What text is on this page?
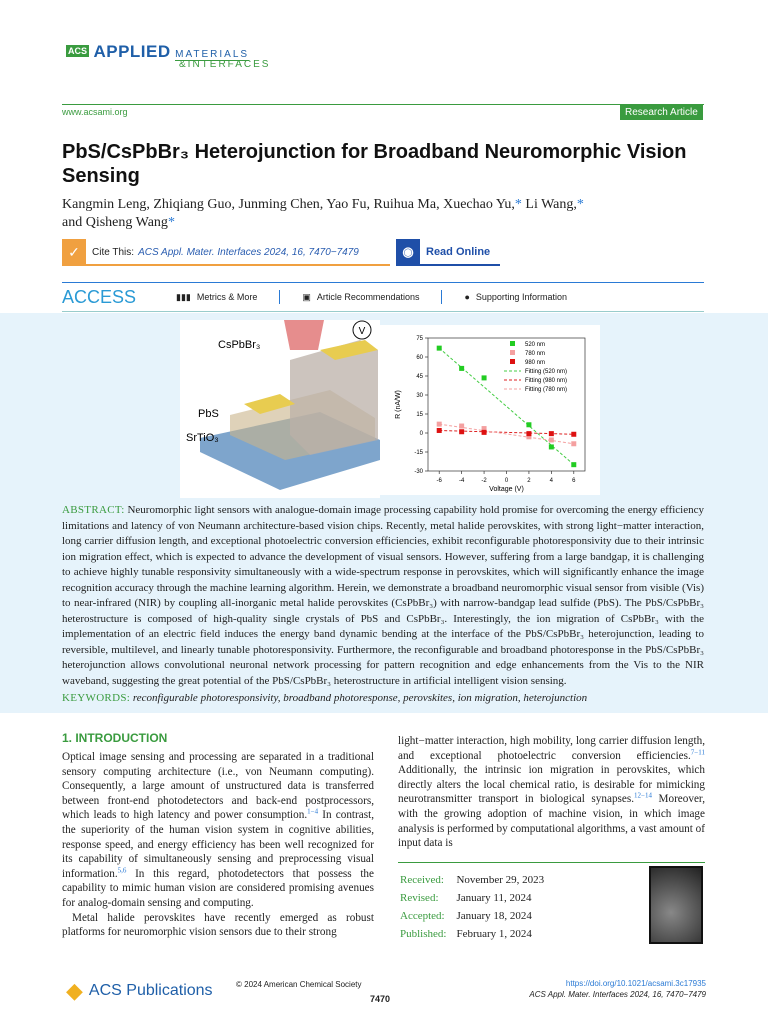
ACS APPLIED MATERIALS
&INTERFACES
www.acsami.org	Research Article
PbS/CsPbBr₃ Heterojunction for Broadband Neuromorphic Vision Sensing
Kangmin Leng, Zhiqiang Guo, Junming Chen, Yao Fu, Ruihua Ma, Xuechao Yu,* Li Wang,*
and Qisheng Wang*
✓	Cite This: ACS Appl. Mater. Interfaces 2024, 16, 7470−7479	◉	Read Online
ACCESS	▮▮▮ Metrics & More	▣ Article Recommendations	● Supporting Information
V
CsPbBr₃
PbS
SrTiO₃
-6	-4	-2	0	2	4	6
-30
-15
0
15
30
45
60
75
Voltage (V)
R (nA/W)
520 nm
780 nm
980 nm
Fitting (520 nm)
Fitting (980 nm)
Fitting (780 nm)

ABSTRACT: Neuromorphic light sensors with analogue-domain image processing capability hold promise for overcoming the energy efficiency limitations and latency of von Neumann architecture-based vision chips. Recently, metal halide perovskites, with strong light−matter interaction, long carrier diffusion length, and exceptional photoelectric conversion efficiencies, exhibit reconfigurable photoresponsivity due to their intrinsic ion migration effect, which is expected to advance the development of visual sensors. However, suffering from a large bandgap, it is challenging to achieve highly tunable responsivity simultaneously with a wide-spectrum response in perovskites, which will significantly enhance the image recognition accuracy through the machine learning algorithm. Herein, we demonstrate a broadband neuromorphic visual sensor from visible (Vis) to near-infrared (NIR) by coupling all-inorganic metal halide perovskites (CsPbBr₃) with narrow-bandgap lead sulfide (PbS). The PbS/CsPbBr₃ heterostructure is composed of high-quality single crystals of PbS and CsPbBr₃. Interestingly, the ion migration of CsPbBr₃ with the implementation of an electric field induces the energy band dynamic bending at the interface of the PbS/CsPbBr₃ heterojunction, leading to reversible, multilevel, and linearly tunable photoresponsivity. Furthermore, the reconfigurable and broadband photoresponse in the PbS/CsPbBr₃ heterojunction allows convolutional neuronal network processing for pattern recognition and edge enhancements from the Vis to the NIR waveband, suggesting the great potential of the PbS/CsPbBr₃ heterostructure in artificial intelligent vision sensing.

KEYWORDS: reconfigurable photoresponsivity, broadband photoresponse, perovskites, ion migration, heterojunction

1. INTRODUCTION

Optical image sensing and processing are separated in a traditional sensory computing architecture (i.e., von Neumann computing). Consequently, a large amount of unstructured data is transferred between front-end photodetectors and back-end postprocessors, which leads to high latency and power consumption.$^{1-4}$ In contrast, the superiority of the human vision system in cognitive abilities, response speed, and energy efficiency has been well recognized for its capability of simultaneously sensing and preprocessing visual information.$^{5,6}$ In this regard, photodetectors that possess the capability to mimic human vision are considered promising avenues for analog-domain sensing and computing.

Metal halide perovskites have recently emerged as robust platforms for neuromorphic vision sensors due to their strong

light−matter interaction, high mobility, long carrier diffusion length, and exceptional photoelectric conversion efficiencies.$^{7-11}$ Additionally, the intrinsic ion migration in perovskites, which directly alters the local chemical ratio, is desirable for mimicking neurotransmitter transport in biological synapses.$^{12-14}$ Moreover, with the growing adoption of machine vision, in which image analysis is performed by computational algorithms, a vast amount of input data is

Received:	November 29, 2023
Revised:	January 11, 2024
Accepted:	January 18, 2024
Published:	February 1, 2024
◆ ACS Publications	© 2024 American Chemical Society
7470
https://doi.org/10.1021/acsami.3c17935
ACS Appl. Mater. Interfaces 2024, 16, 7470−7479
